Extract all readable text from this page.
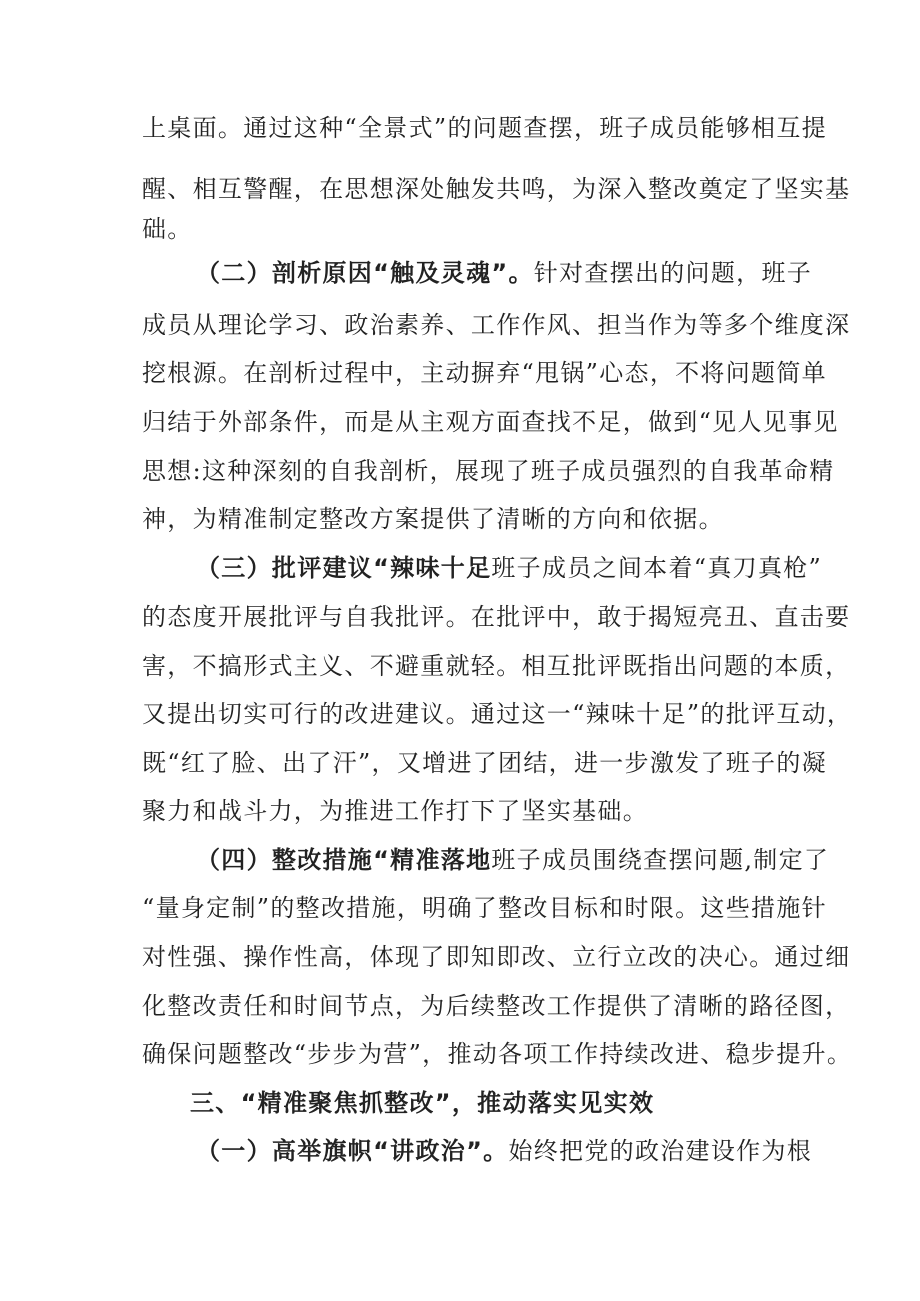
上桌面。通过这种“全景式”的问题查摆，班子成员能够相互提
醒、相互警醒，在思想深处触发共鸣，为深入整改奠定了坚实基
础。
（二）剖析原因“触及灵魂”。针对查摆出的问题，班子
成员从理论学习、政治素养、工作作风、担当作为等多个维度深
挖根源。在剖析过程中，主动摒弃“甩锅”心态，不将问题简单
归结于外部条件，而是从主观方面查找不足，做到“见人见事见
思想:这种深刻的自我剖析，展现了班子成员强烈的自我革命精
神，为精准制定整改方案提供了清晰的方向和依据。
（三）批评建议“辣味十足班子成员之间本着“真刀真枪”
的态度开展批评与自我批评。在批评中，敢于揭短亮丑、直击要
害，不搞形式主义、不避重就轻。相互批评既指出问题的本质，
又提出切实可行的改进建议。通过这一“辣味十足”的批评互动，
既“红了脸、出了汗”，又增进了团结，进一步激发了班子的凝
聚力和战斗力，为推进工作打下了坚实基础。
（四）整改措施“精准落地班子成员围绕查摆问题,制定了
“量身定制”的整改措施，明确了整改目标和时限。这些措施针
对性强、操作性高，体现了即知即改、立行立改的决心。通过细
化整改责任和时间节点，为后续整改工作提供了清晰的路径图，
确保问题整改“步步为营”，推动各项工作持续改进、稳步提升。
三、“精准聚焦抓整改”，推动落实见实效
（一）高举旗帜“讲政治”。始终把党的政治建设作为根
